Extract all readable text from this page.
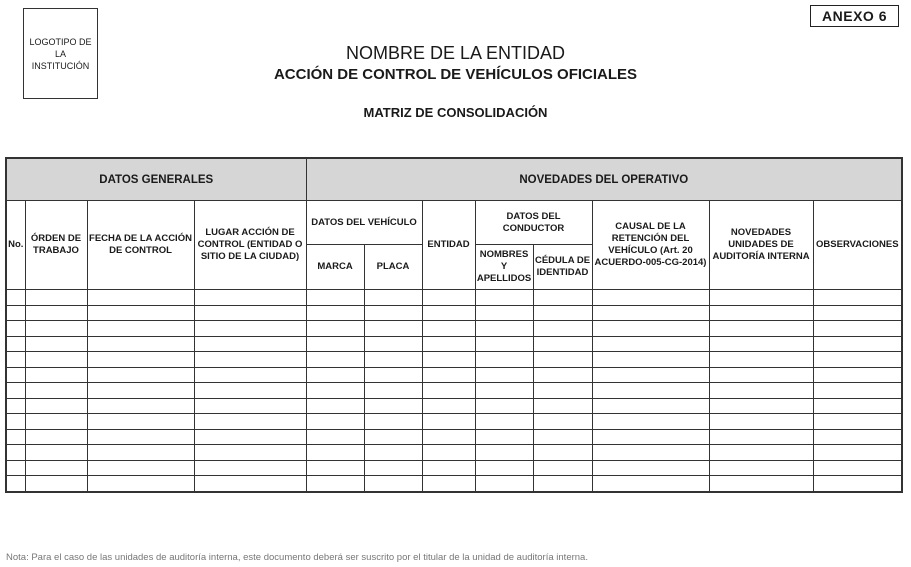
LOGOTIPO DE LA INSTITUCIÓN
ANEXO 6
NOMBRE DE LA ENTIDAD
ACCIÓN DE CONTROL DE VEHÍCULOS OFICIALES
MATRIZ DE CONSOLIDACIÓN
DATOS GENERALES				NOVEDADES DEL OPERATIVO							
No.	ÓRDEN DE TRABAJO	FECHA DE LA ACCIÓN DE CONTROL	LUGAR ACCIÓN DE CONTROL (ENTIDAD O SITIO DE LA CIUDAD)	DATOS DEL VEHÍCULO		ENTIDAD	DATOS DEL CONDUCTOR		CAUSAL DE LA RETENCIÓN DEL VEHÍCULO (Art. 20 ACUERDO-005-CG-2014)	NOVEDADES UNIDADES DE AUDITORÍA INTERNA	OBSERVACIONES
				MARCA	PLACA		NOMBRES Y APELLIDOS	CÉDULA DE IDENTIDAD			

Nota: Para el caso de las unidades de auditoría interna, este documento deberá ser suscrito por el titular de la unidad de auditoría interna.
